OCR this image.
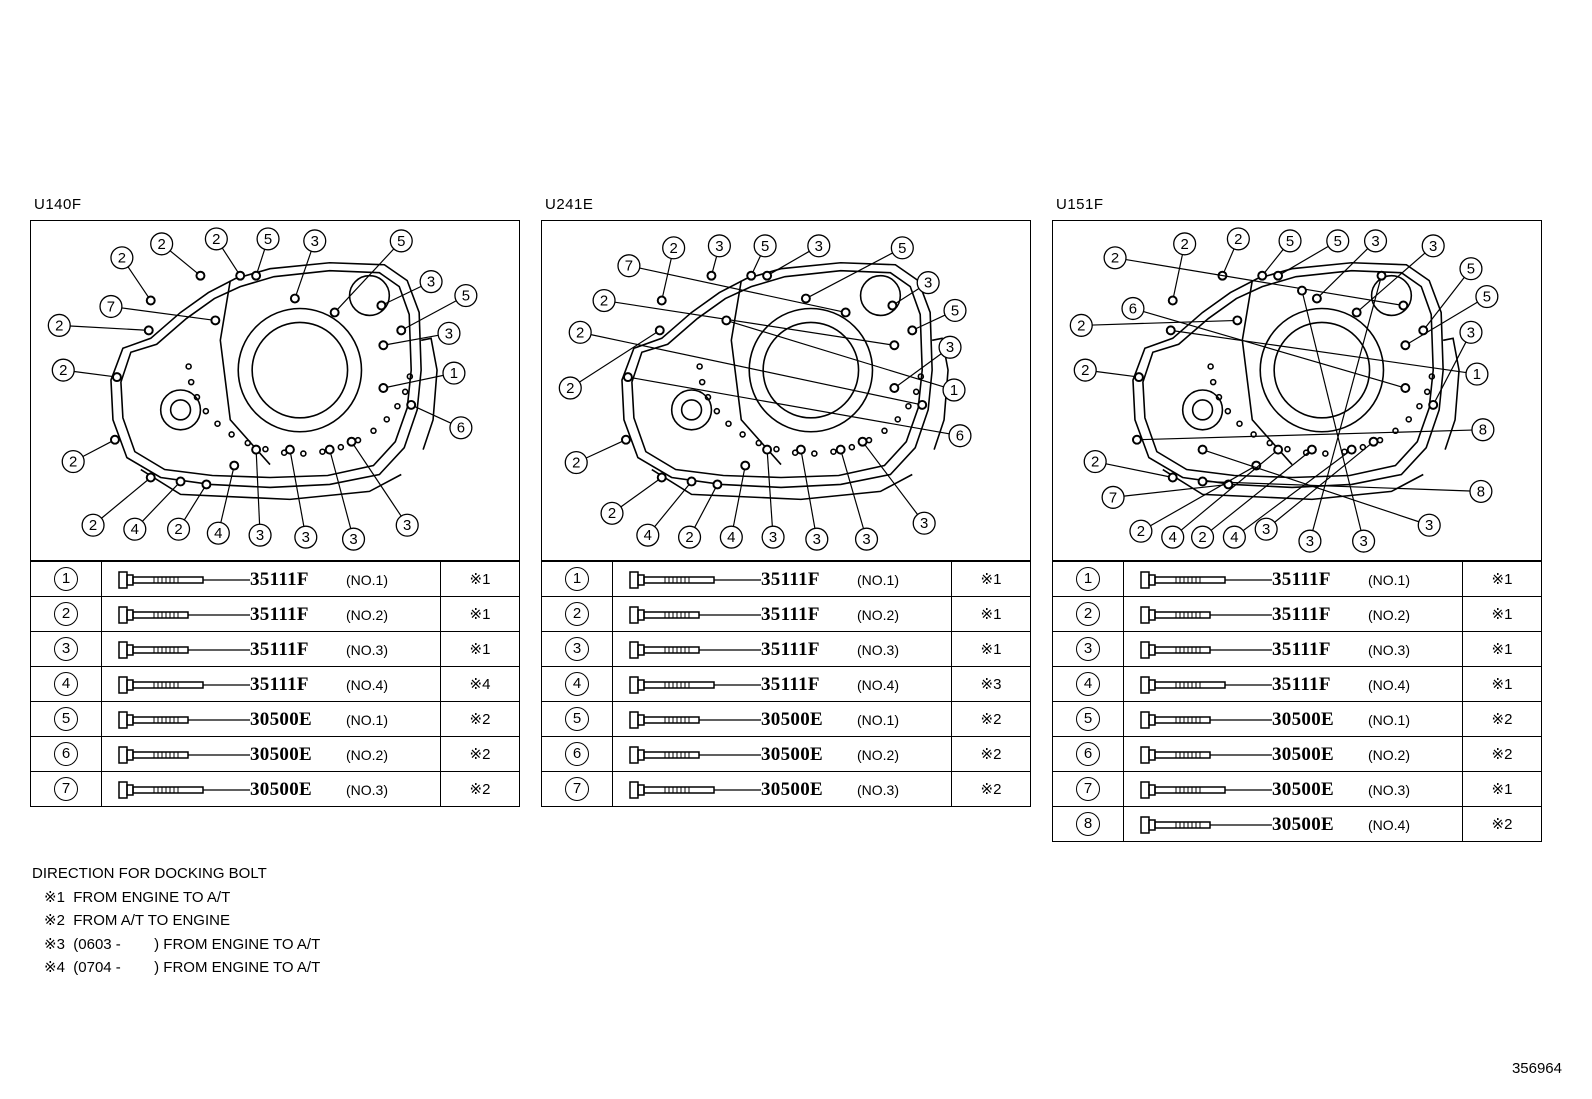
U140F
2
2	2	5	3	5
3
5
3
1
6
7
2
2
2
2 4 2 4 3 3	3
3
1	35111F (NO.1)	※1
2	35111F (NO.2)	※1
3	35111F (NO.3)	※1
4	35111F (NO.4)	※4
5	30500E (NO.1)	※2
6	30500E (NO.2)	※2
7	30500E (NO.3)	※2
U241E
2 3 5	3	5
7
3
5
2
3
2
1
2
6
2
2
4 2 4 3 3	3
3
1	35111F (NO.1)	※1
2	35111F (NO.2)	※1
3	35111F (NO.3)	※1
4	35111F (NO.4)	※3
5	30500E (NO.1)	※2
6	30500E (NO.2)	※2
7	30500E (NO.3)	※2
U151F
2	2	5	5 3	3
2
5
5
6
3
2
1
2
8
2
8
7
2 4 2 4 3
3	3
3
1	35111F (NO.1)	※1
2	35111F (NO.2)	※1
3	35111F (NO.3)	※1
4	35111F (NO.4)	※1
5	30500E (NO.1)	※2
6	30500E (NO.2)	※2
7	30500E (NO.3)	※1
8	30500E (NO.4)	※2
DIRECTION FOR DOCKING BOLT
※1 FROM ENGINE TO A/T
※2 FROM A/T TO ENGINE
※3 (0603 -        ) FROM ENGINE TO A/T
※4 (0704 -        ) FROM ENGINE TO A/T
356964
